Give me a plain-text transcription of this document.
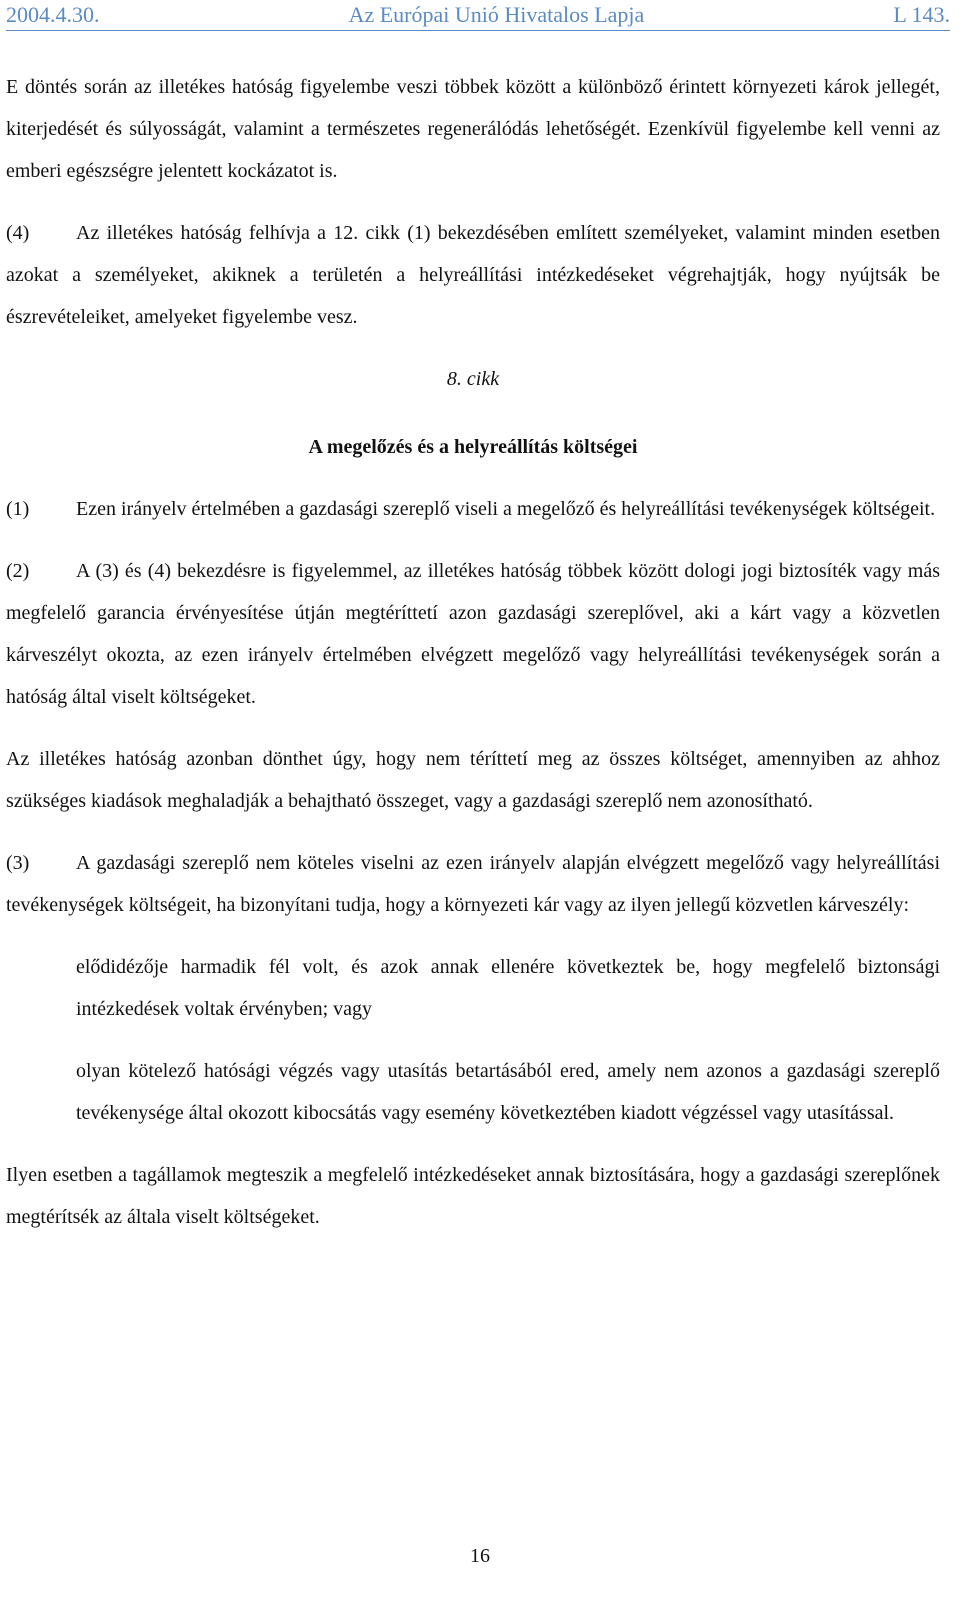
2004.4.30.	Az Európai Unió Hivatalos Lapja	L 143.

E döntés során az illetékes hatóság figyelembe veszi többek között a különböző érintett környezeti károk jellegét, kiterjedését és súlyosságát, valamint a természetes regenerálódás lehetőségét. Ezenkívül figyelembe kell venni az emberi egészségre jelentett kockázatot is.

(4) Az illetékes hatóság felhívja a 12. cikk (1) bekezdésében említett személyeket, valamint minden esetben azokat a személyeket, akiknek a területén a helyreállítási intézkedéseket végrehajtják, hogy nyújtsák be észrevételeiket, amelyeket figyelembe vesz.

8. cikk

A megelőzés és a helyreállítás költségei

(1) Ezen irányelv értelmében a gazdasági szereplő viseli a megelőző és helyreállítási tevékenységek költségeit.

(2) A (3) és (4) bekezdésre is figyelemmel, az illetékes hatóság többek között dologi jogi biztosíték vagy más megfelelő garancia érvényesítése útján megtéríttetí azon gazdasági szereplővel, aki a kárt vagy a közvetlen kárveszélyt okozta, az ezen irányelv értelmében elvégzett megelőző vagy helyreállítási tevékenységek során a hatóság által viselt költségeket.

Az illetékes hatóság azonban dönthet úgy, hogy nem téríttetí meg az összes költséget, amennyiben az ahhoz szükséges kiadások meghaladják a behajtható összeget, vagy a gazdasági szereplő nem azonosítható.

(3) A gazdasági szereplő nem köteles viselni az ezen irányelv alapján elvégzett megelőző vagy helyreállítási tevékenységek költségeit, ha bizonyítani tudja, hogy a környezeti kár vagy az ilyen jellegű közvetlen kárveszély:

elődidézője harmadik fél volt, és azok annak ellenére következtek be, hogy megfelelő biztonsági intézkedések voltak érvényben; vagy

olyan kötelező hatósági végzés vagy utasítás betartásából ered, amely nem azonos a gazdasági szereplő tevékenysége által okozott kibocsátás vagy esemény következtében kiadott végzéssel vagy utasítással.

Ilyen esetben a tagállamok megteszik a megfelelő intézkedéseket annak biztosítására, hogy a gazdasági szereplőnek megtérítsék az általa viselt költségeket.

16
